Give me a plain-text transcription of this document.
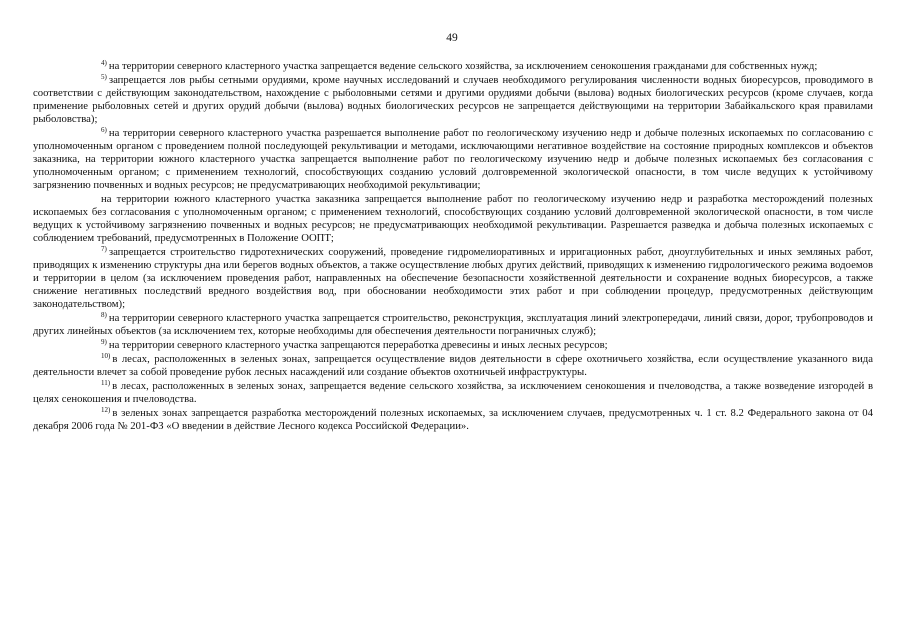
49

$^{4)}$ на территории северного кластерного участка запрещается ведение сельского хозяйства, за исключением сенокошения гражданами для собственных нужд;

$^{5)}$ запрещается лов рыбы сетными орудиями, кроме научных исследований и случаев необходимого регулирования численности водных биоресурсов, проводимого в соответствии с действующим законодательством, нахождение с рыболовными сетями и другими орудиями добычи (вылова) водных биологических ресурсов (кроме случаев, когда применение рыболовных сетей и других орудий добычи (вылова) водных биологических ресурсов не запрещается действующими на территории Забайкальского края правилами рыболовства);

$^{6)}$ на территории северного кластерного участка разрешается выполнение работ по геологическому изучению недр и добыче полезных ископаемых по согласованию с уполномоченным органом с проведением полной последующей рекультивации и методами, исключающими негативное воздействие на состояние природных комплексов и объектов заказника, на территории южного кластерного участка запрещается выполнение работ по геологическому изучению недр и добыче полезных ископаемых без согласования с уполномоченным органом; с применением технологий, способствующих созданию условий долговременной экологической опасности, в том числе ведущих к устойчивому загрязнению почвенных и водных ресурсов; не предусматривающих необходимой рекультивации;

на территории южного кластерного участка заказника запрещается выполнение работ по геологическому изучению недр и разработка месторождений полезных ископаемых без согласования с уполномоченным органом; с применением технологий, способствующих созданию условий долговременной экологической опасности, в том числе ведущих к устойчивому загрязнению почвенных и водных ресурсов; не предусматривающих необходимой рекультивации. Разрешается разведка и добыча полезных ископаемых с соблюдением требований, предусмотренных в Положение ООПТ;

$^{7)}$ запрещается строительство гидротехнических сооружений, проведение гидромелиоративных и ирригационных работ, дноуглубительных и иных земляных работ, приводящих к изменению структуры дна или берегов водных объектов, а также осуществление любых других действий, приводящих к изменению гидрологического режима водоемов и территории в целом (за исключением проведения работ, направленных на обеспечение безопасности хозяйственной деятельности и сохранение водных биоресурсов, а также снижение негативных последствий вредного воздействия вод, при обосновании необходимости этих работ и при соблюдении процедур, предусмотренных действующим законодательством);

$^{8)}$ на территории северного кластерного участка запрещается строительство, реконструкция, эксплуатация линий электропередачи, линий связи, дорог, трубопроводов и других линейных объектов (за исключением тех, которые необходимы для обеспечения деятельности пограничных служб);

$^{9)}$ на территории северного кластерного участка запрещаются переработка древесины и иных лесных ресурсов;

$^{10)}$ в лесах, расположенных в зеленых зонах, запрещается осуществление видов деятельности в сфере охотничьего хозяйства, если осуществление указанного вида деятельности влечет за собой проведение рубок лесных насаждений или создание объектов охотничьей инфраструктуры.

$^{11)}$ в лесах, расположенных в зеленых зонах, запрещается ведение сельского хозяйства, за исключением сенокошения и пчеловодства, а также возведение изгородей в целях сенокошения и пчеловодства.

$^{12)}$ в зеленых зонах запрещается разработка месторождений полезных ископаемых, за исключением случаев, предусмотренных ч. 1 ст. 8.2 Федерального закона от 04 декабря 2006 года № 201-ФЗ «О введении в действие Лесного кодекса Российской Федерации».
